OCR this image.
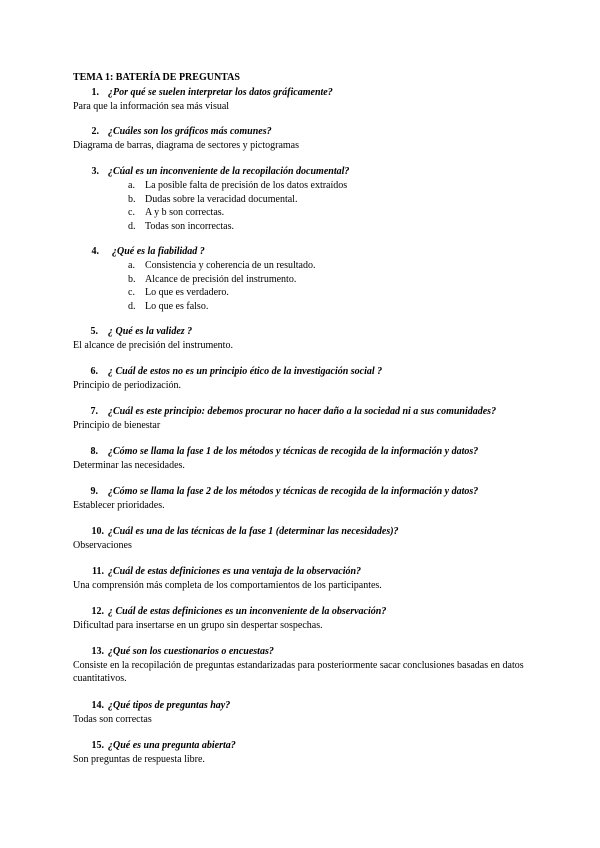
TEMA 1: BATERÍA DE PREGUNTAS
1. ¿Por qué se suelen interpretar los datos gráficamente?
Para que la información sea más visual
2. ¿Cuáles son los gráficos más comunes?
Diagrama de barras, diagrama de sectores y pictogramas
3. ¿Cúal es un inconveniente de la recopilación documental?
a. La posible falta de precisión de los datos extraídos
b. Dudas sobre la veracidad documental.
c. A y b son correctas.
d. Todas son incorrectas.
4. ¿Qué es la fiabilidad ?
a. Consistencia y coherencia de un resultado.
b. Alcance de precisión del instrumento.
c. Lo que es verdadero.
d. Lo que es falso.
5. ¿ Qué es la validez ?
El alcance de precisión del instrumento.
6. ¿ Cuál de estos no es un principio ético de la investigación social ?
Principio de periodización.
7. ¿Cuál es este principio: debemos procurar no hacer daño a la sociedad ni a sus comunidades?
Principio de bienestar
8. ¿Cómo se llama la fase 1 de los métodos y técnicas de recogida de la información y datos?
Determinar las necesidades.
9. ¿Cómo se llama la fase 2 de los métodos y técnicas de recogida de la información y datos?
Establecer prioridades.
10. ¿Cuál es una de las técnicas de la fase 1 (determinar las necesidades)?
Observaciones
11. ¿Cuál de estas definiciones es una ventaja de la observación?
Una comprensión más completa de los comportamientos de los participantes.
12. ¿ Cuál de estas definiciones es un inconveniente de la observación?
Dificultad para insertarse en un grupo sin despertar sospechas.
13. ¿Qué son los cuestionarios o encuestas?
Consiste en la recopilación de preguntas estandarizadas para posteriormente sacar conclusiones basadas en datos cuantitativos.
14. ¿Qué tipos de preguntas hay?
Todas son correctas
15. ¿Qué es una pregunta abierta?
Son preguntas de respuesta libre.
